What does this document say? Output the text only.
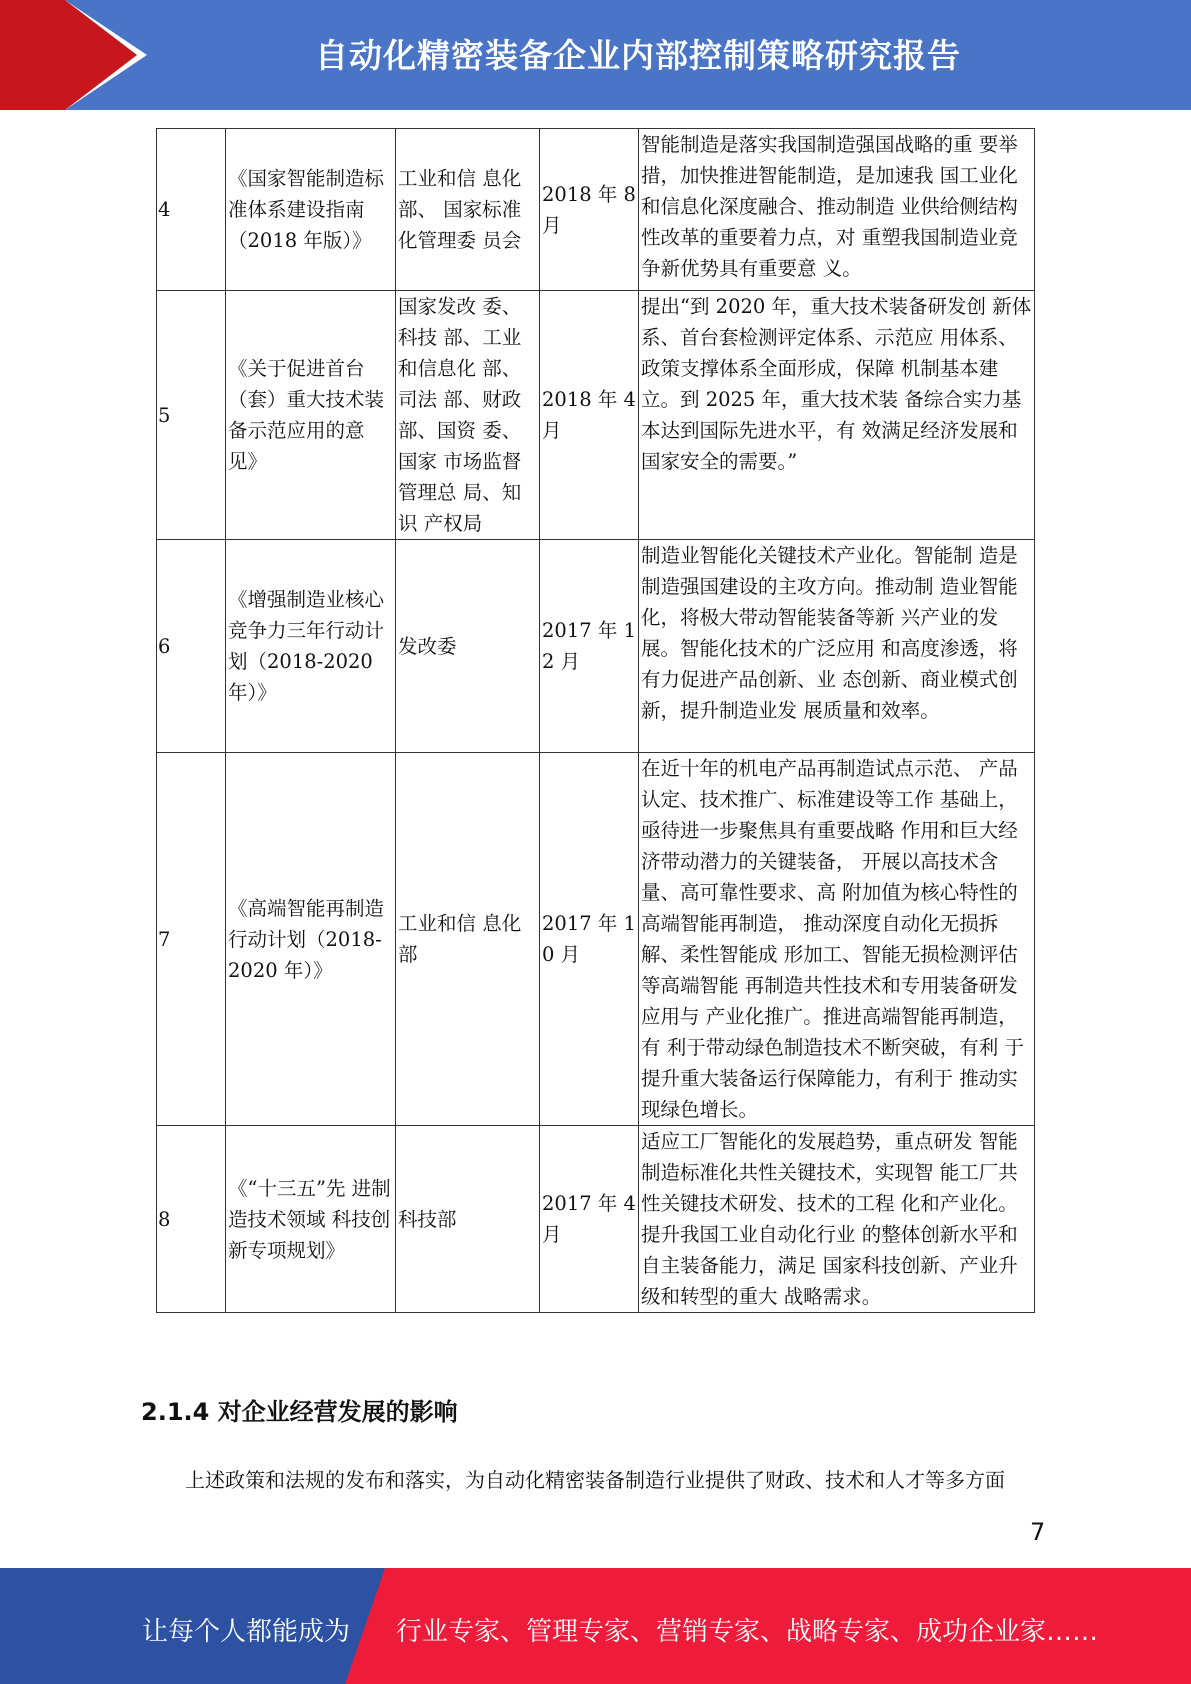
自动化精密装备企业内部控制策略研究报告
4	《国家智能制造标准体系建设指南（2018 年版）》	工业和信 息化部、 国家标准化管理委 员会	2018 年 8 月	智能制造是落实我国制造强国战略的重 要举措，加快推进智能制造，是加速我 国工业化和信息化深度融合、推动制造 业供给侧结构性改革的重要着力点，对 重塑我国制造业竞争新优势具有重要意 义。
5	《关于促进首台（套）重大技术装备示范应用的意见》	国家发改 委、科技 部、工业和信息化 部、司法 部、财政部、国资 委、国家 市场监督管理总 局、知识 产权局	2018 年 4 月	提出“到 2020 年，重大技术装备研发创 新体系、首台套检测评定体系、示范应 用体系、政策支撑体系全面形成，保障 机制基本建立。到 2025 年，重大技术装 备综合实力基本达到国际先进水平，有 效满足经济发展和国家安全的需要。”
6	《增强制造业核心竞争力三年行动计划（2018-2020 年）》	发改委	2017 年 12 月	制造业智能化关键技术产业化。智能制 造是制造强国建设的主攻方向。推动制 造业智能化，将极大带动智能装备等新 兴产业的发展。智能化技术的广泛应用 和高度渗透，将有力促进产品创新、业 态创新、商业模式创新，提升制造业发 展质量和效率。
7	《高端智能再制造行动计划（2018-2020 年）》	工业和信 息化部	2017 年 10 月	在近十年的机电产品再制造试点示范、 产品认定、技术推广、标准建设等工作 基础上，亟待进一步聚焦具有重要战略 作用和巨大经济带动潜力的关键装备， 开展以高技术含量、高可靠性要求、高 附加值为核心特性的高端智能再制造， 推动深度自动化无损拆解、柔性智能成 形加工、智能无损检测评估等高端智能 再制造共性技术和专用装备研发应用与 产业化推广。推进高端智能再制造，有 利于带动绿色制造技术不断突破，有利 于提升重大装备运行保障能力，有利于 推动实现绿色增长。
8	《“十三五”先 进制造技术领域 科技创新专项规划》	科技部	2017 年 4 月	适应工厂智能化的发展趋势，重点研发 智能制造标准化共性关键技术，实现智 能工厂共性关键技术研发、技术的工程 化和产业化。提升我国工业自动化行业 的整体创新水平和自主装备能力，满足 国家科技创新、产业升级和转型的重大 战略需求。
2.1.4 对企业经营发展的影响
上述政策和法规的发布和落实，为自动化精密装备制造行业提供了财政、技术和人才等多方面
7
让每个人都能成为 行业专家、管理专家、营销专家、战略专家、成功企业家……
